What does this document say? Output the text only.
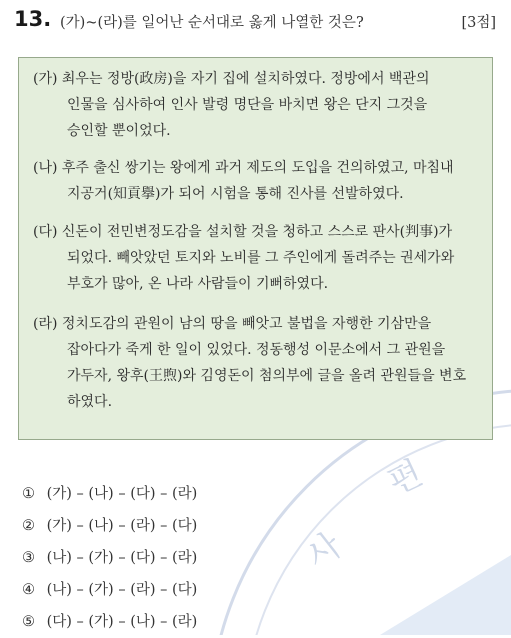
편
사
13. (가)~(라)를 일어난 순서대로 옳게 나열한 것은?	[3점]
(가) 최우는 정방(政房)을 자기 집에 설치하였다. 정방에서 백관의
인물을 심사하여 인사 발령 명단을 바치면 왕은 단지 그것을
승인할 뿐이었다.
(나) 후주 출신 쌍기는 왕에게 과거 제도의 도입을 건의하였고, 마침내
지공거(知貢擧)가 되어 시험을 통해 진사를 선발하였다.
(다) 신돈이 전민변정도감을 설치할 것을 청하고 스스로 판사(判事)가
되었다. 빼앗았던 토지와 노비를 그 주인에게 돌려주는 권세가와
부호가 많아, 온 나라 사람들이 기뻐하였다.
(라) 정치도감의 관원이 남의 땅을 빼앗고 불법을 자행한 기삼만을
잡아다가 죽게 한 일이 있었다. 정동행성 이문소에서 그 관원을
가두자, 왕후(王煦)와 김영돈이 첨의부에 글을 올려 관원들을 변호
하였다.
① (가) – (나) – (다) – (라)
② (가) – (나) – (라) – (다)
③ (나) – (가) – (다) – (라)
④ (나) – (가) – (라) – (다)
⑤ (다) – (가) – (나) – (라)
